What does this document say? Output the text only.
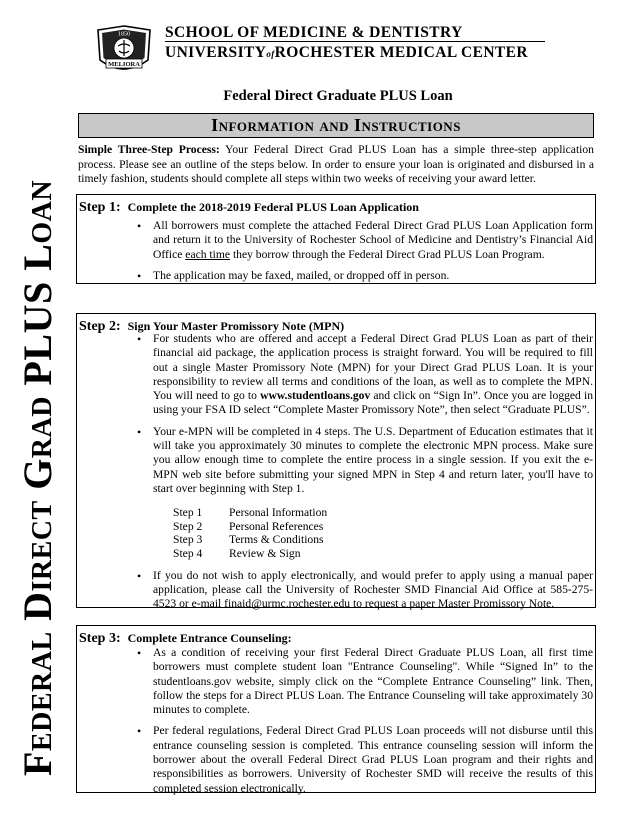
1850
MELIORA
SCHOOL OF MEDICINE & DENTISTRY
UNIVERSITYofROCHESTER MEDICAL CENTER
Federal Direct Grad PLUS Loan
Federal Direct Graduate PLUS Loan
Information and Instructions
Simple Three-Step Process: Your Federal Direct Grad PLUS Loan has a simple three-step application process. Please see an outline of the steps below. In order to ensure your loan is originated and disbursed in a timely fashion, students should complete all steps within two weeks of receiving your award letter.
Step 1: Complete the 2018-2019 Federal PLUS Loan Application
• All borrowers must complete the attached Federal Direct Grad PLUS Loan Application form and return it to the University of Rochester School of Medicine and Dentistry’s Financial Aid Office each time they borrow through the Federal Direct Grad PLUS Loan Program.
• The application may be faxed, mailed, or dropped off in person.
Step 2: Sign Your Master Promissory Note (MPN)
• For students who are offered and accept a Federal Direct Grad PLUS Loan as part of their financial aid package, the application process is straight forward. You will be required to fill out a single Master Promissory Note (MPN) for your Direct Grad PLUS Loan. It is your responsibility to review all terms and conditions of the loan, as well as to complete the MPN. You will need to go to www.studentloans.gov and click on “Sign In”. Once you are logged in using your FSA ID select “Complete Master Promissory Note”, then select “Graduate PLUS”.
• Your e-MPN will be completed in 4 steps. The U.S. Department of Education estimates that it will take you approximately 30 minutes to complete the electronic MPN process. Make sure you allow enough time to complete the entire process in a single session. If you exit the e-MPN web site before submitting your signed MPN in Step 4 and return later, you'll have to start over beginning with Step 1.
Step 1	Personal Information
Step 2	Personal References
Step 3	Terms & Conditions
Step 4	Review & Sign
• If you do not wish to apply electronically, and would prefer to apply using a manual paper application, please call the University of Rochester SMD Financial Aid Office at 585-275-4523 or e-mail finaid@urmc.rochester.edu to request a paper Master Promissory Note.
Step 3: Complete Entrance Counseling:
• As a condition of receiving your first Federal Direct Graduate PLUS Loan, all first time borrowers must complete student loan "Entrance Counseling". While “Signed In” to the studentloans.gov website, simply click on the “Complete Entrance Counseling” link. Then, follow the steps for a Direct PLUS Loan. The Entrance Counseling will take approximately 30 minutes to complete.
• Per federal regulations, Federal Direct Grad PLUS Loan proceeds will not disburse until this entrance counseling session is completed. This entrance counseling session will inform the borrower about the overall Federal Direct Grad PLUS Loan program and their rights and responsibilities as borrowers. University of Rochester SMD will receive the results of this completed session electronically.
